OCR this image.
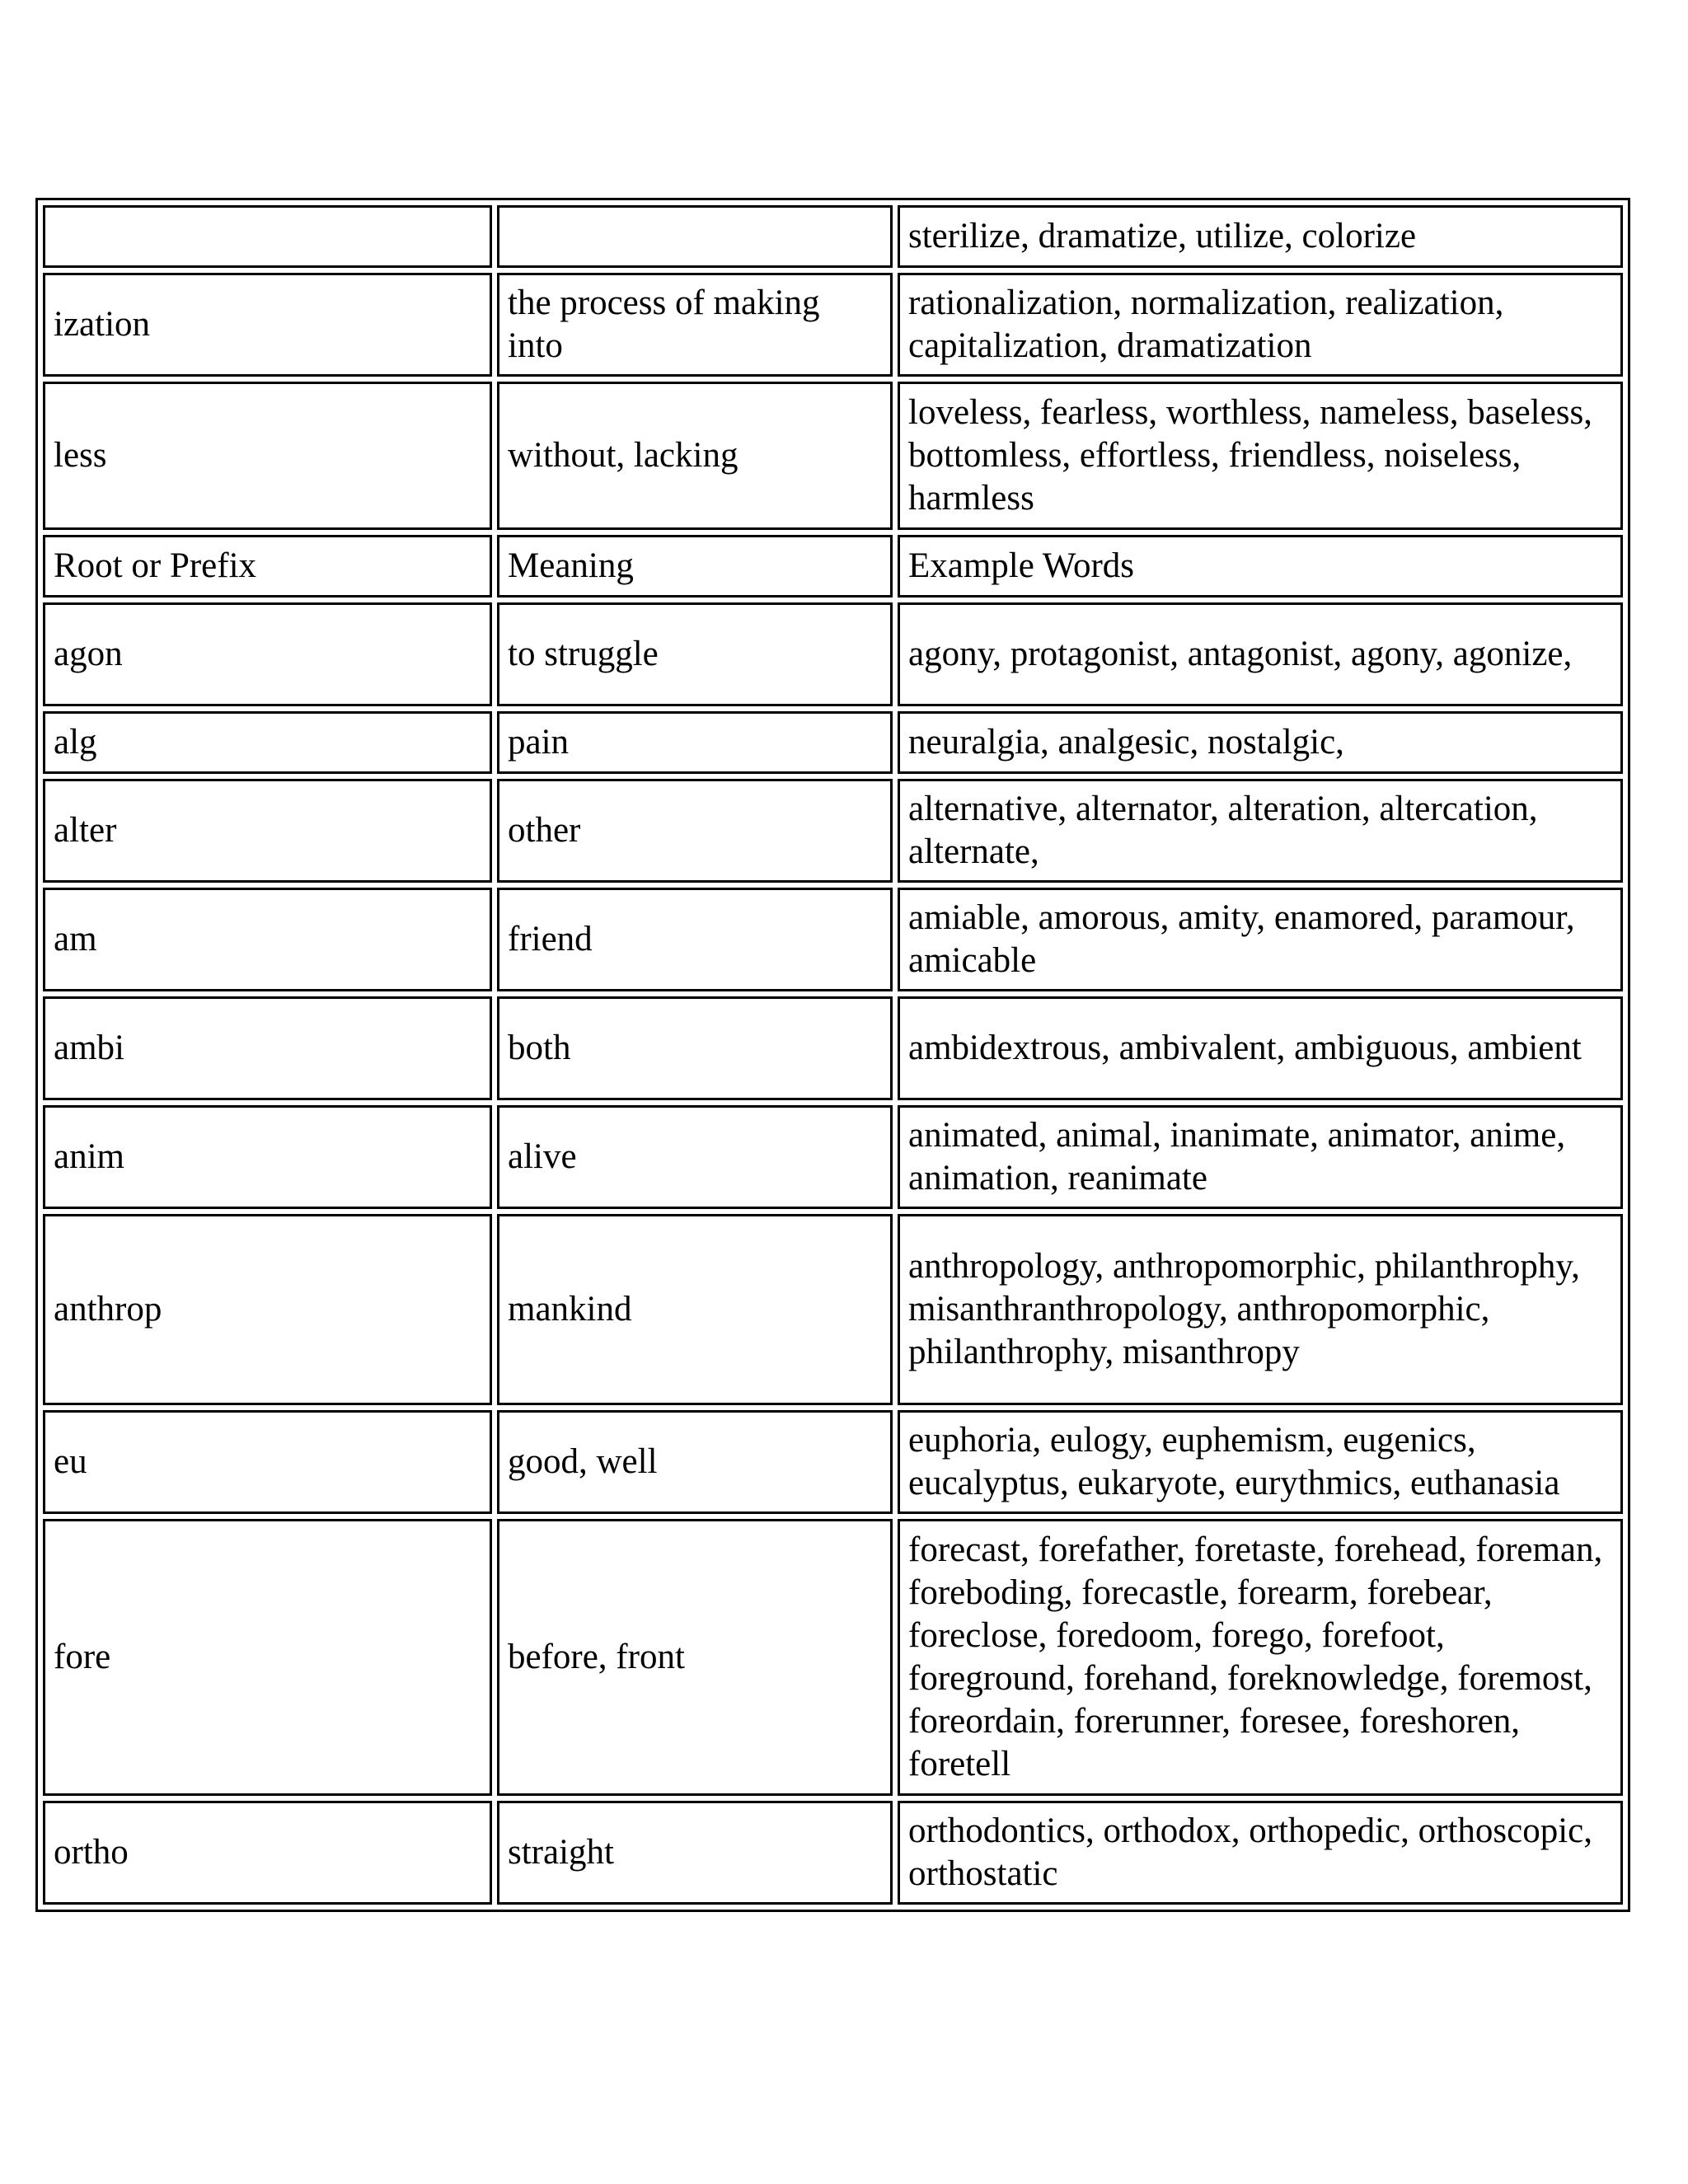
		sterilize, dramatize, utilize, colorize
ization	the process of making into	rationalization, normalization, realization, capitalization, dramatization
less	without, lacking	loveless, fearless, worthless, nameless, baseless, bottomless, effortless, friendless, noiseless, harmless
Root or Prefix	Meaning	Example Words
agon	to struggle	agony, protagonist, antagonist, agony, agonize,
alg	pain	neuralgia, analgesic, nostalgic,
alter	other	alternative, alternator, alteration, altercation, alternate,
am	friend	amiable, amorous, amity, enamored, paramour, amicable
ambi	both	ambidextrous, ambivalent, ambiguous, ambient
anim	alive	animated, animal, inanimate, animator, anime, animation, reanimate
anthrop	mankind	anthropology, anthropomorphic, philanthrophy, misanthranthropology, anthropomorphic, philanthrophy, misanthropy
eu	good, well	euphoria, eulogy, euphemism, eugenics, eucalyptus, eukaryote, eurythmics, euthanasia
fore	before, front	forecast, forefather, foretaste, forehead, foreman, foreboding, forecastle, forearm, forebear, foreclose, foredoom, forego, forefoot, foreground, forehand, foreknowledge, foremost, foreordain, forerunner, foresee, foreshoren, foretell
ortho	straight	orthodontics, orthodox, orthopedic, orthoscopic, orthostatic
